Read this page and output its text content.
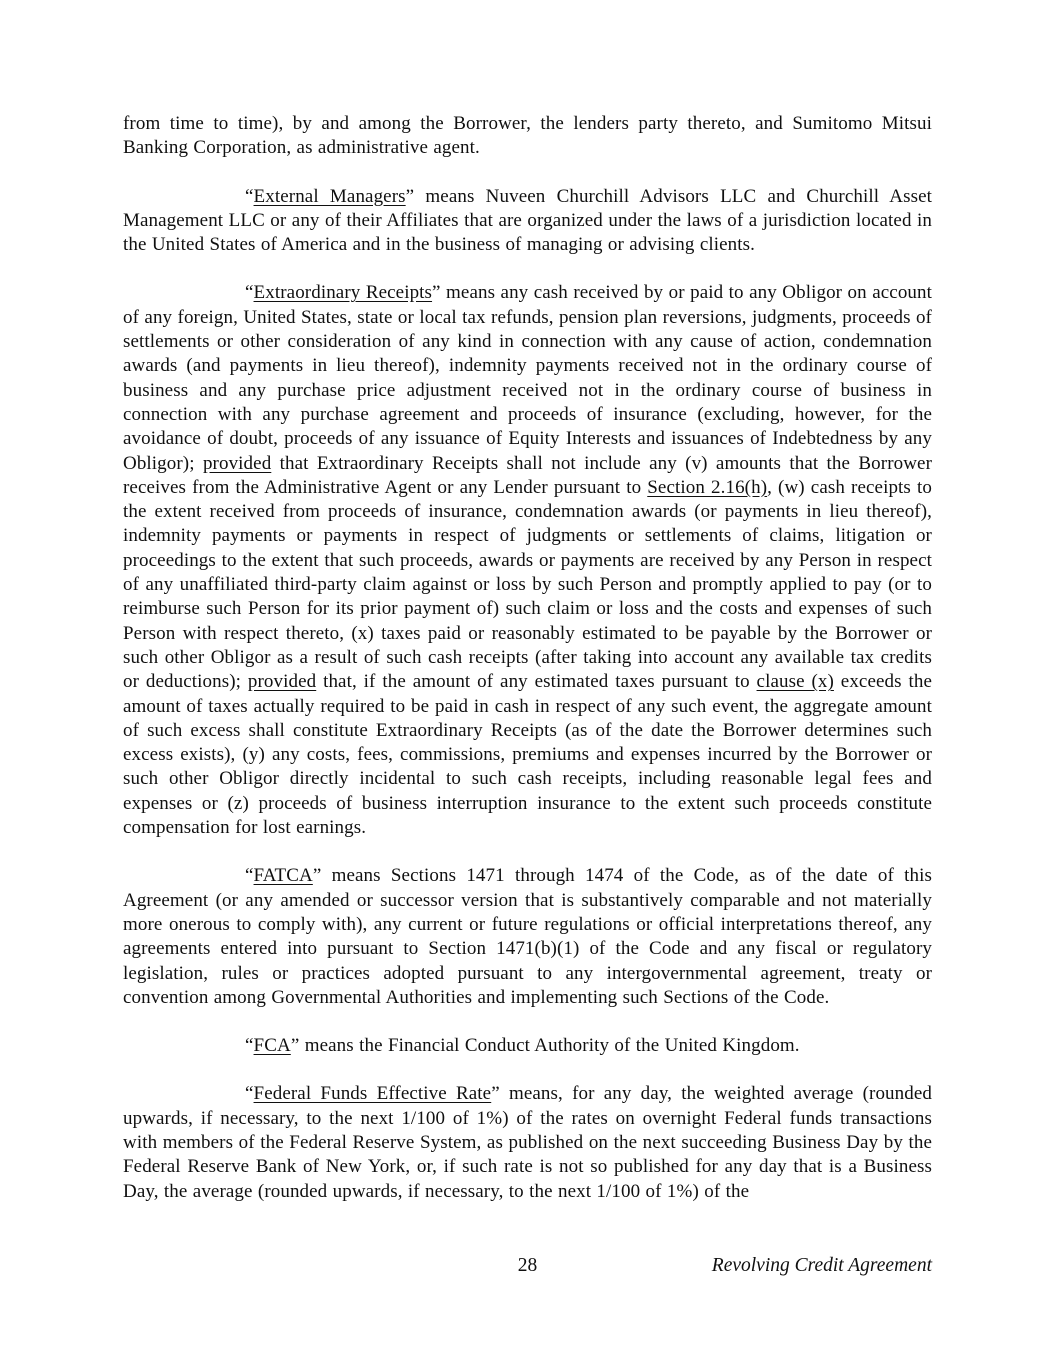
from time to time), by and among the Borrower, the lenders party thereto, and Sumitomo Mitsui Banking Corporation, as administrative agent.

“External Managers” means Nuveen Churchill Advisors LLC and Churchill Asset Management LLC or any of their Affiliates that are organized under the laws of a jurisdiction located in the United States of America and in the business of managing or advising clients.

“Extraordinary Receipts” means any cash received by or paid to any Obligor on account of any foreign, United States, state or local tax refunds, pension plan reversions, judgments, proceeds of settlements or other consideration of any kind in connection with any cause of action, condemnation awards (and payments in lieu thereof), indemnity payments received not in the ordinary course of business and any purchase price adjustment received not in the ordinary course of business in connection with any purchase agreement and proceeds of insurance (excluding, however, for the avoidance of doubt, proceeds of any issuance of Equity Interests and issuances of Indebtedness by any Obligor); provided that Extraordinary Receipts shall not include any (v) amounts that the Borrower receives from the Administrative Agent or any Lender pursuant to Section 2.16(h), (w) cash receipts to the extent received from proceeds of insurance, condemnation awards (or payments in lieu thereof), indemnity payments or payments in respect of judgments or settlements of claims, litigation or proceedings to the extent that such proceeds, awards or payments are received by any Person in respect of any unaffiliated third-party claim against or loss by such Person and promptly applied to pay (or to reimburse such Person for its prior payment of) such claim or loss and the costs and expenses of such Person with respect thereto, (x) taxes paid or reasonably estimated to be payable by the Borrower or such other Obligor as a result of such cash receipts (after taking into account any available tax credits or deductions); provided that, if the amount of any estimated taxes pursuant to clause (x) exceeds the amount of taxes actually required to be paid in cash in respect of any such event, the aggregate amount of such excess shall constitute Extraordinary Receipts (as of the date the Borrower determines such excess exists), (y) any costs, fees, commissions, premiums and expenses incurred by the Borrower or such other Obligor directly incidental to such cash receipts, including reasonable legal fees and expenses or (z) proceeds of business interruption insurance to the extent such proceeds constitute compensation for lost earnings.

“FATCA” means Sections 1471 through 1474 of the Code, as of the date of this Agreement (or any amended or successor version that is substantively comparable and not materially more onerous to comply with), any current or future regulations or official interpretations thereof, any agreements entered into pursuant to Section 1471(b)(1) of the Code and any fiscal or regulatory legislation, rules or practices adopted pursuant to any intergovernmental agreement, treaty or convention among Governmental Authorities and implementing such Sections of the Code.

“FCA” means the Financial Conduct Authority of the United Kingdom.

“Federal Funds Effective Rate” means, for any day, the weighted average (rounded upwards, if necessary, to the next 1/100 of 1%) of the rates on overnight Federal funds transactions with members of the Federal Reserve System, as published on the next succeeding Business Day by the Federal Reserve Bank of New York, or, if such rate is not so published for any day that is a Business Day, the average (rounded upwards, if necessary, to the next 1/100 of 1%) of the

28	Revolving Credit Agreement
